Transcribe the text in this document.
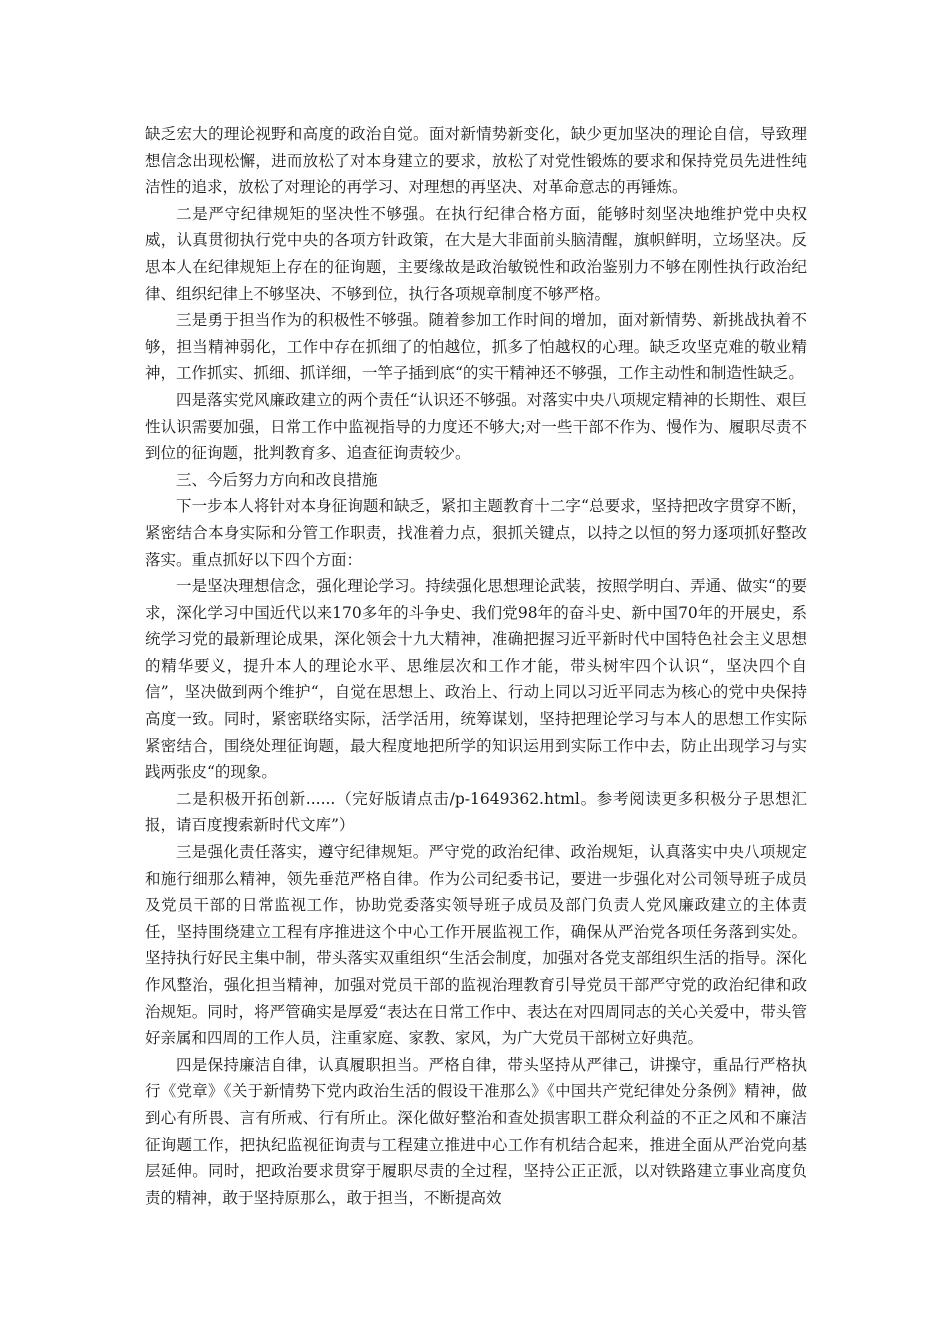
缺乏宏大的理论视野和高度的政治自觉。面对新情势新变化，缺少更加坚决的理论自信，导致理想信念出现松懈，进而放松了对本身建立的要求，放松了对党性锻炼的要求和保持党员先进性纯洁性的追求，放松了对理论的再学习、对理想的再坚决、对革命意志的再锤炼。

二是严守纪律规矩的坚决性不够强。在执行纪律合格方面，能够时刻坚决地维护党中央权威，认真贯彻执行党中央的各项方针政策，在大是大非面前头脑清醒，旗帜鲜明，立场坚决。反思本人在纪律规矩上存在的征询题，主要缘故是政治敏锐性和政治鉴别力不够在刚性执行政治纪律、组织纪律上不够坚决、不够到位，执行各项规章制度不够严格。

三是勇于担当作为的积极性不够强。随着参加工作时间的增加，面对新情势、新挑战执着不够，担当精神弱化，工作中存在抓细了的怕越位，抓多了怕越权的心理。缺乏攻坚克难的敬业精神，工作抓实、抓细、抓详细，一竿子插到底“的实干精神还不够强，工作主动性和制造性缺乏。

四是落实党风廉政建立的两个责任“认识还不够强。对落实中央八项规定精神的长期性、艰巨性认识需要加强，日常工作中监视指导的力度还不够大;对一些干部不作为、慢作为、履职尽责不到位的征询题，批判教育多、追查征询责较少。

三、今后努力方向和改良措施

下一步本人将针对本身征询题和缺乏，紧扣主题教育十二字“总要求，坚持把改字贯穿不断，紧密结合本身实际和分管工作职责，找准着力点，狠抓关键点，以持之以恒的努力逐项抓好整改落实。重点抓好以下四个方面：

一是坚决理想信念，强化理论学习。持续强化思想理论武装，按照学明白、弄通、做实“的要求，深化学习中国近代以来170多年的斗争史、我们党98年的奋斗史、新中国70年的开展史，系统学习党的最新理论成果，深化领会十九大精神，准确把握习近平新时代中国特色社会主义思想的精华要义，提升本人的理论水平、思维层次和工作才能，带头树牢四个认识“，坚决四个自信”，坚决做到两个维护“，自觉在思想上、政治上、行动上同以习近平同志为核心的党中央保持高度一致。同时，紧密联络实际，活学活用，统筹谋划，坚持把理论学习与本人的思想工作实际紧密结合，围绕处理征询题，最大程度地把所学的知识运用到实际工作中去，防止出现学习与实践两张皮“的现象。

二是积极开拓创新......（完好版请点击/p-1649362.html。参考阅读更多积极分子思想汇报，请百度搜索新时代文库”）

三是强化责任落实，遵守纪律规矩。严守党的政治纪律、政治规矩，认真落实中央八项规定和施行细那么精神，领先垂范严格自律。作为公司纪委书记，要进一步强化对公司领导班子成员及党员干部的日常监视工作，协助党委落实领导班子成员及部门负责人党风廉政建立的主体责任，坚持围绕建立工程有序推进这个中心工作开展监视工作，确保从严治党各项任务落到实处。坚持执行好民主集中制，带头落实双重组织“生活会制度，加强对各党支部组织生活的指导。深化作风整治，强化担当精神，加强对党员干部的监视治理教育引导党员干部严守党的政治纪律和政治规矩。同时，将严管确实是厚爱“表达在日常工作中、表达在对四周同志的关心关爱中，带头管好亲属和四周的工作人员，注重家庭、家教、家风，为广大党员干部树立好典范。

四是保持廉洁自律，认真履职担当。严格自律，带头坚持从严律己，讲操守，重品行严格执行《党章》《关于新情势下党内政治生活的假设干准那么》《中国共产党纪律处分条例》精神，做到心有所畏、言有所戒、行有所止。深化做好整治和查处损害职工群众利益的不正之风和不廉洁征询题工作，把执纪监视征询责与工程建立推进中心工作有机结合起来，推进全面从严治党向基层延伸。同时，把政治要求贯穿于履职尽责的全过程，坚持公正正派，以对铁路建立事业高度负责的精神，敢于坚持原那么，敢于担当，不断提高效
